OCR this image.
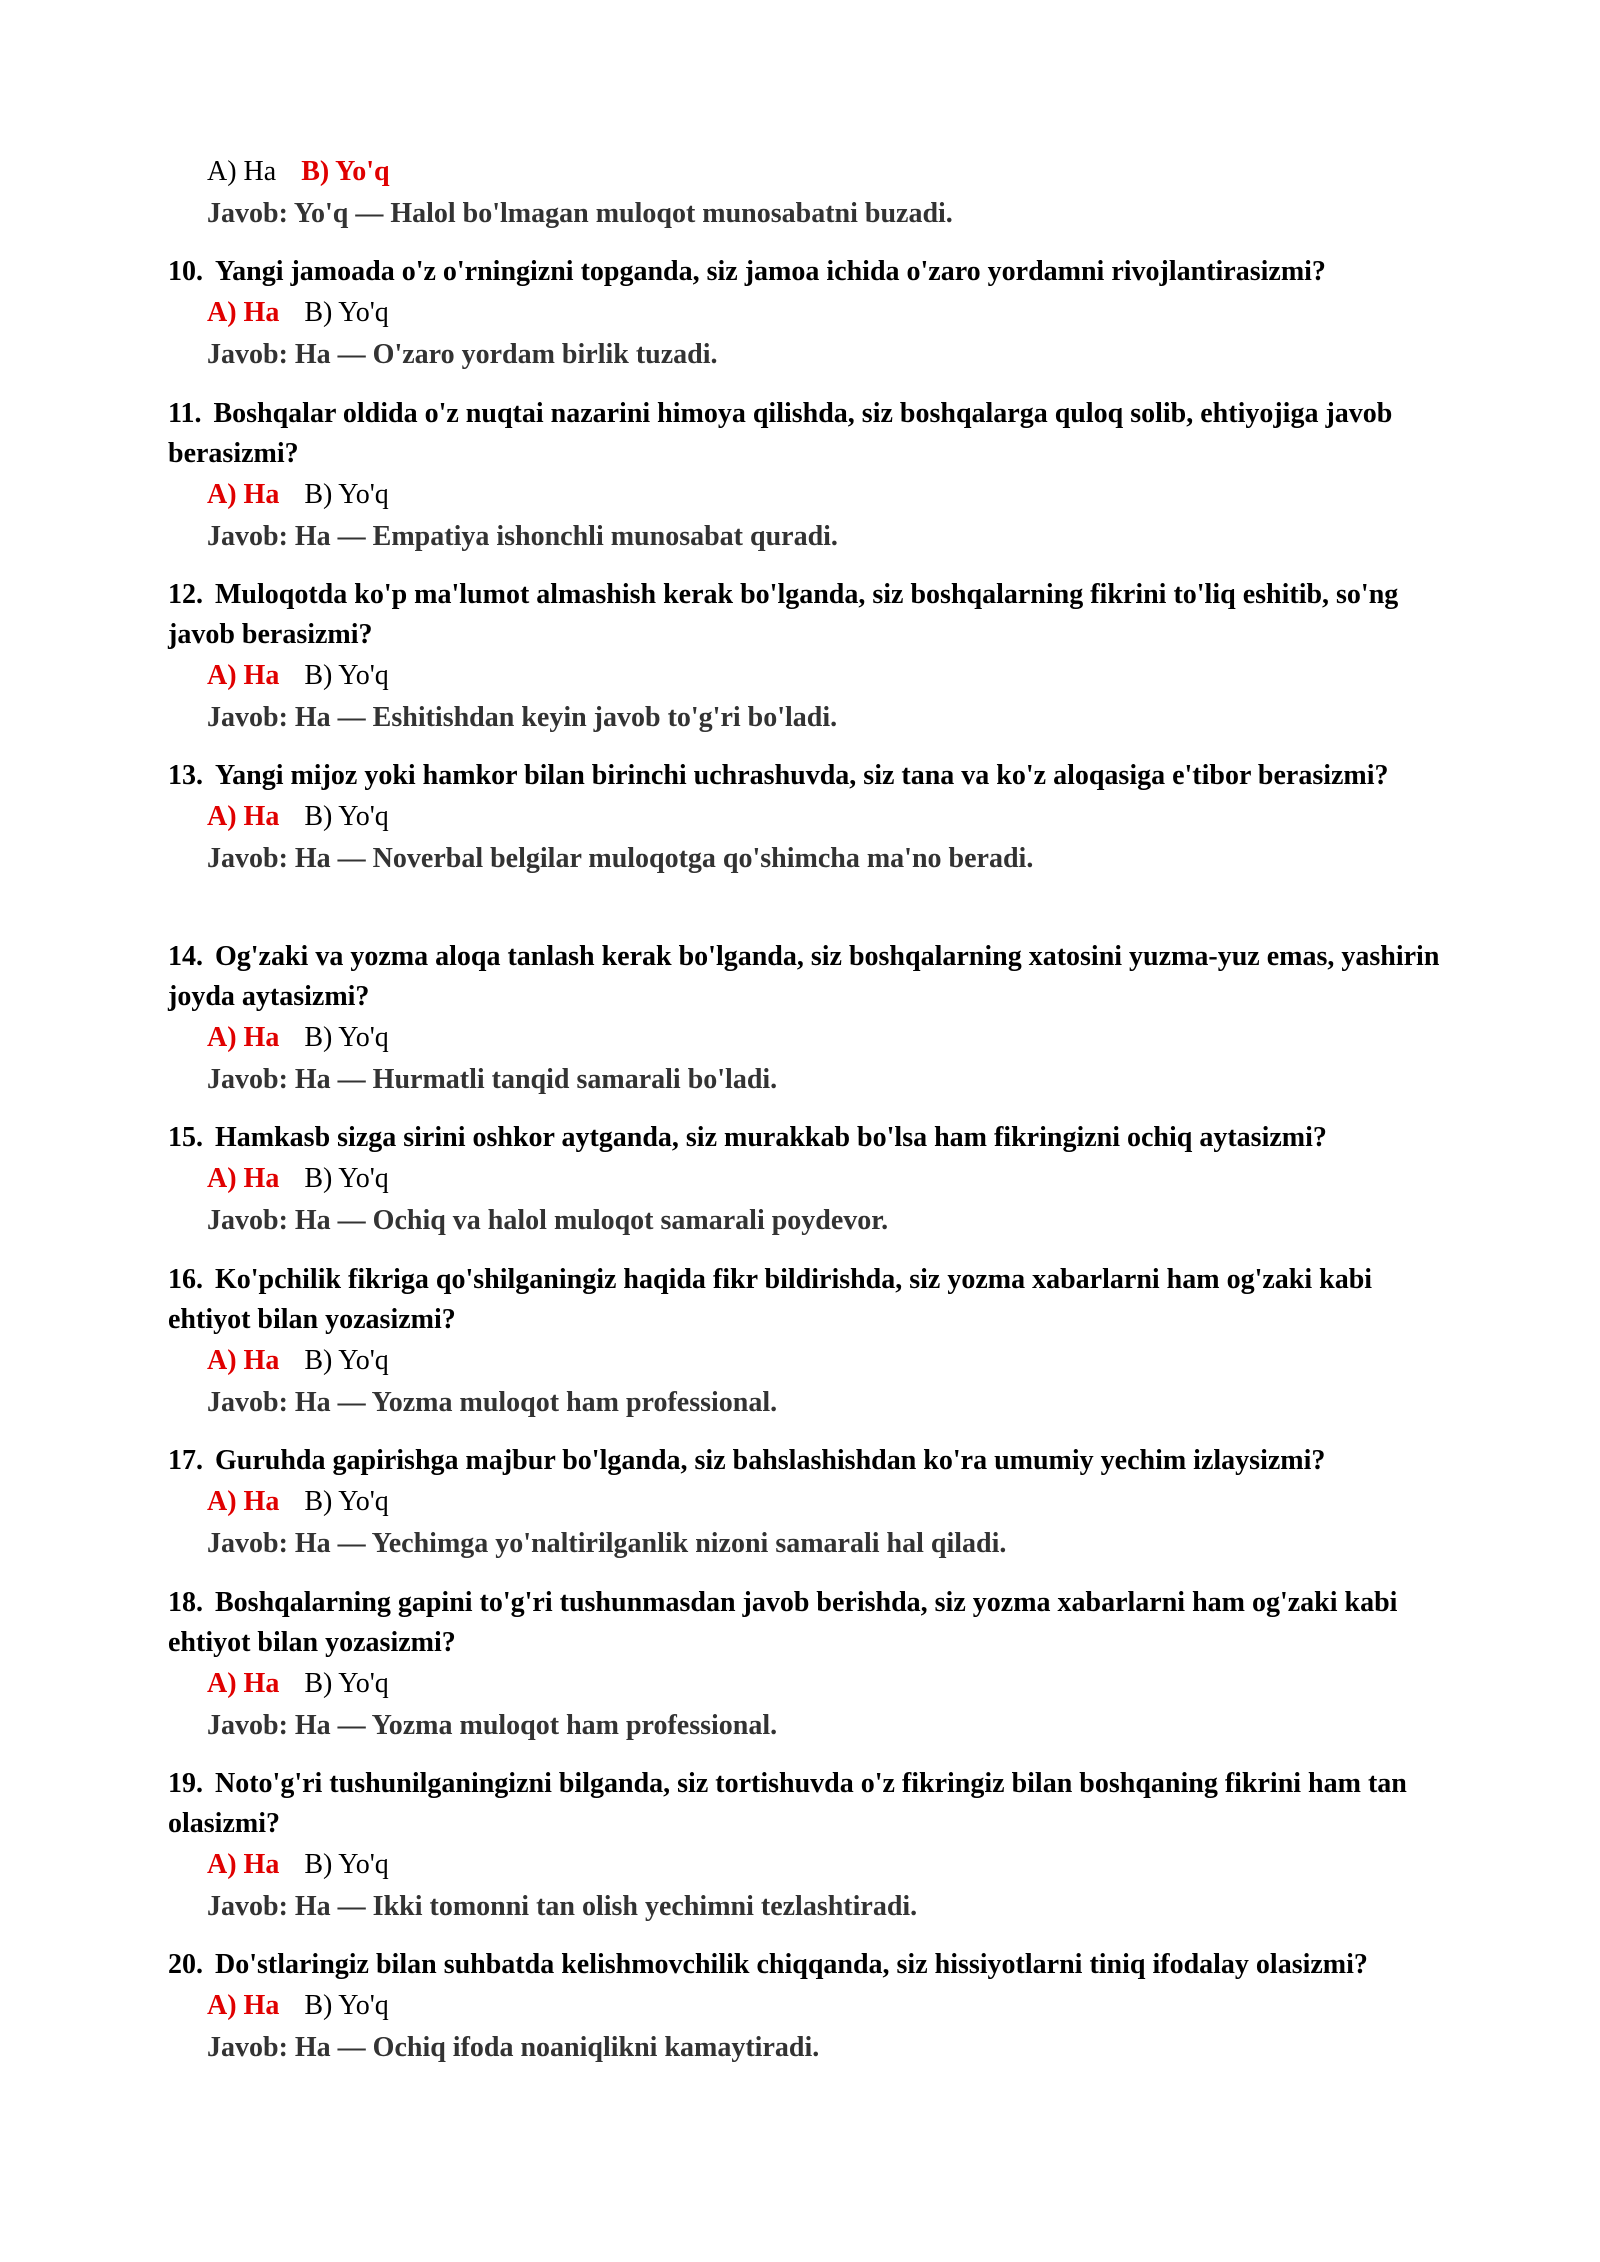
A) Ha B) Yo'q
Javob: Yo'q — Halol bo'lmagan muloqot munosabatni buzadi.
10. Yangi jamoada o'z o'rningizni topganda, siz jamoa ichida o'zaro yordamni rivojlantirasizmi?
A) Ha B) Yo'q
Javob: Ha — O'zaro yordam birlik tuzadi.
11. Boshqalar oldida o'z nuqtai nazarini himoya qilishda, siz boshqalarga quloq solib, ehtiyojiga javob berasizmi?
A) Ha B) Yo'q
Javob: Ha — Empatiya ishonchli munosabat quradi.
12. Muloqotda ko'p ma'lumot almashish kerak bo'lganda, siz boshqalarning fikrini to'liq eshitib, so'ng javob berasizmi?
A) Ha B) Yo'q
Javob: Ha — Eshitishdan keyin javob to'g'ri bo'ladi.
13. Yangi mijoz yoki hamkor bilan birinchi uchrashuvda, siz tana va ko'z aloqasiga e'tibor berasizmi?
A) Ha B) Yo'q
Javob: Ha — Noverbal belgilar muloqotga qo'shimcha ma'no beradi.
14. Og'zaki va yozma aloqa tanlash kerak bo'lganda, siz boshqalarning xatosini yuzma-yuz emas, yashirin joyda aytasizmi?
A) Ha B) Yo'q
Javob: Ha — Hurmatli tanqid samarali bo'ladi.
15. Hamkasb sizga sirini oshkor aytganda, siz murakkab bo'lsa ham fikringizni ochiq aytasizmi?
A) Ha B) Yo'q
Javob: Ha — Ochiq va halol muloqot samarali poydevor.
16. Ko'pchilik fikriga qo'shilganingiz haqida fikr bildirishda, siz yozma xabarlarni ham og'zaki kabi ehtiyot bilan yozasizmi?
A) Ha B) Yo'q
Javob: Ha — Yozma muloqot ham professional.
17. Guruhda gapirishga majbur bo'lganda, siz bahslashishdan ko'ra umumiy yechim izlaysizmi?
A) Ha B) Yo'q
Javob: Ha — Yechimga yo'naltirilganlik nizoni samarali hal qiladi.
18. Boshqalarning gapini to'g'ri tushunmasdan javob berishda, siz yozma xabarlarni ham og'zaki kabi ehtiyot bilan yozasizmi?
A) Ha B) Yo'q
Javob: Ha — Yozma muloqot ham professional.
19. Noto'g'ri tushunilganingizni bilganda, siz tortishuvda o'z fikringiz bilan boshqaning fikrini ham tan olasizmi?
A) Ha B) Yo'q
Javob: Ha — Ikki tomonni tan olish yechimni tezlashtiradi.
20. Do'stlaringiz bilan suhbatda kelishmovchilik chiqqanda, siz hissiyotlarni tiniq ifodalay olasizmi?
A) Ha B) Yo'q
Javob: Ha — Ochiq ifoda noaniqlikni kamaytiradi.
